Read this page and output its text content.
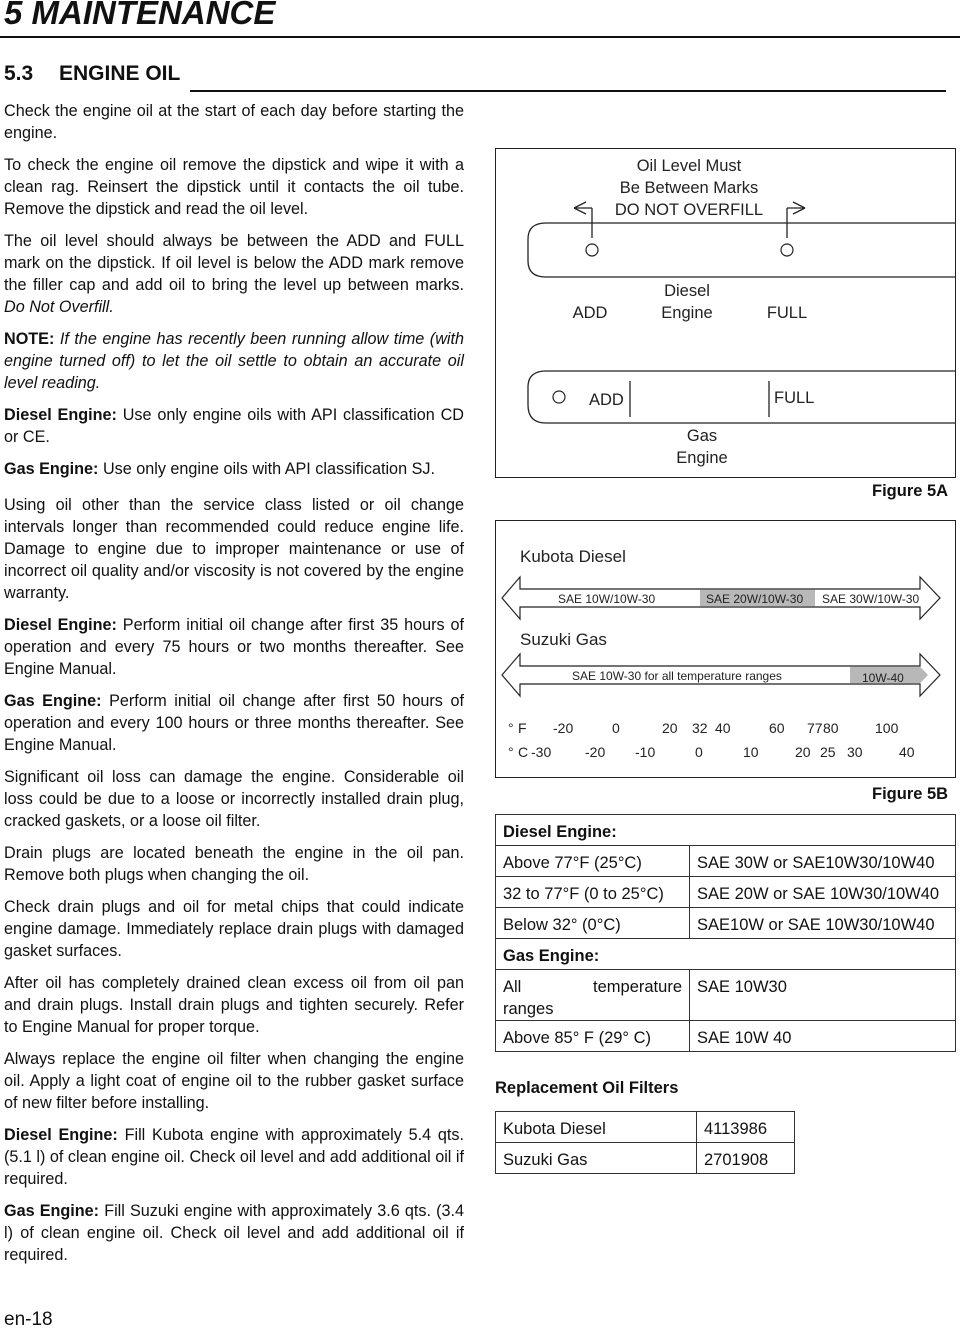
5 MAINTENANCE
5.3 ENGINE OIL

Check the engine oil at the start of each day before starting the engine.

To check the engine oil remove the dipstick and wipe it with a clean rag. Reinsert the dipstick until it contacts the oil tube. Remove the dipstick and read the oil level.

The oil level should always be between the ADD and FULL mark on the dipstick. If oil level is below the ADD mark remove the filler cap and add oil to bring the level up between marks. Do Not Overfill.

NOTE: If the engine has recently been running allow time (with engine turned off) to let the oil settle to obtain an accurate oil level reading.

Diesel Engine: Use only engine oils with API classification CD or CE.

Gas Engine: Use only engine oils with API classification SJ.

Using oil other than the service class listed or oil change intervals longer than recommended could reduce engine life. Damage to engine due to improper maintenance or use of incorrect oil quality and/or viscosity is not covered by the engine warranty.

Diesel Engine: Perform initial oil change after first 35 hours of operation and every 75 hours or two months thereafter. See Engine Manual.

Gas Engine: Perform initial oil change after first 50 hours of operation and every 100 hours or three months thereafter. See Engine Manual.

Significant oil loss can damage the engine. Considerable oil loss could be due to a loose or incorrectly installed drain plug, cracked gaskets, or a loose oil filter.

Drain plugs are located beneath the engine in the oil pan. Remove both plugs when changing the oil.

Check drain plugs and oil for metal chips that could indicate engine damage. Immediately replace drain plugs with damaged gasket surfaces.

After oil has completely drained clean excess oil from oil pan and drain plugs. Install drain plugs and tighten securely. Refer to Engine Manual for proper torque.

Always replace the engine oil filter when changing the engine oil. Apply a light coat of engine oil to the rubber gasket surface of new filter before installing.

Diesel Engine: Fill Kubota engine with approximately 5.4 qts. (5.1 l) of clean engine oil. Check oil level and add additional oil if required.

Gas Engine: Fill Suzuki engine with approximately 3.6 qts. (3.4 l) of clean engine oil. Check oil level and add additional oil if required.

en-18
Oil Level Must
Be Between Marks
DO NOT OVERFILL
ADD
Diesel
Engine	FULL
ADD	FULL
Gas
Engine
Figure 5A
Kubota Diesel
SAE 10W/10W-30	SAE 20W/10W-30 SAE 30W/10W-30
Suzuki Gas
SAE 10W-30 for all temperature ranges	10W-40
° F
° C
-20	0	20 32 40	60 77 80	100
-30 -20 -10	0	10	20 25 30	40
Figure 5B
Diesel Engine:	
Above 77°F (25°C)	SAE 30W or SAE10W30/10W40
32 to 77°F (0 to 25°C)	SAE 20W or SAE 10W30/10W40
Below 32° (0°C)	SAE10W or SAE 10W30/10W40
Gas Engine:	

All temperature
ranges	SAE 10W30
Above 85° F (29° C)	SAE 10W 40
Replacement Oil Filters
Kubota Diesel	4113986
Suzuki Gas	2701908
